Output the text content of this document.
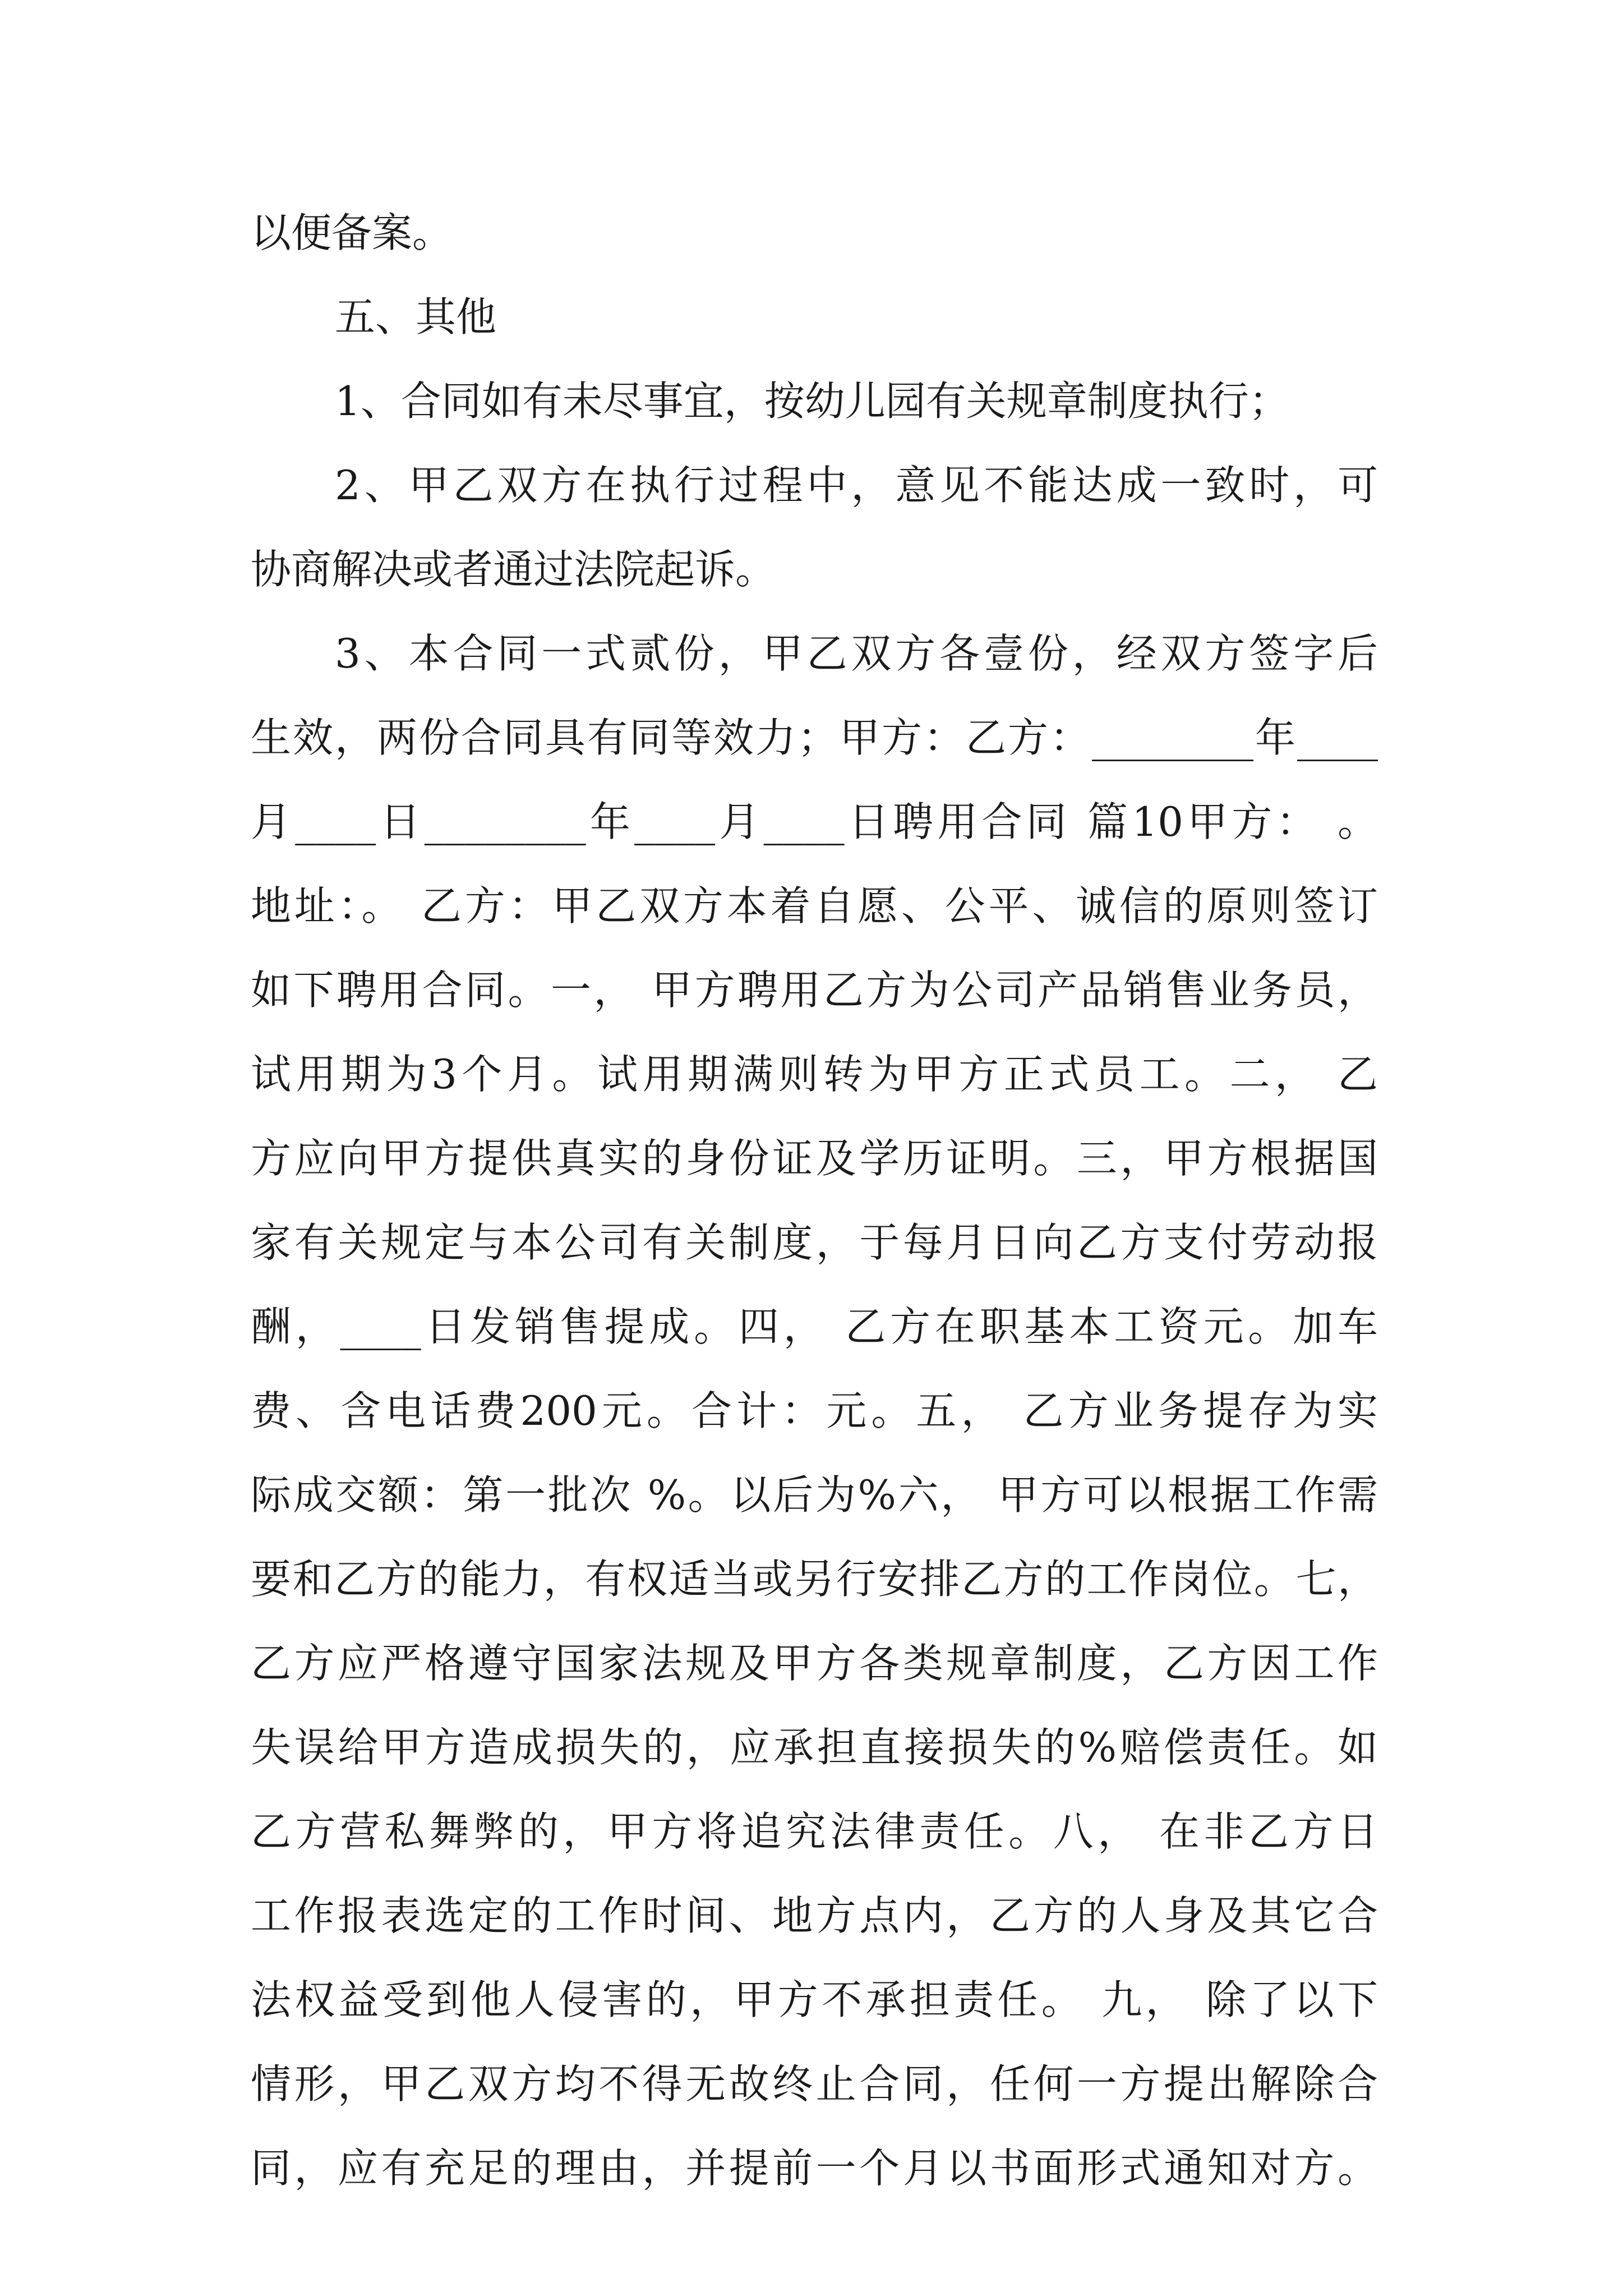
以便备案。
五、其他
1、合同如有未尽事宜，按幼儿园有关规章制度执行；
2、甲乙双方在执行过程中，意见不能达成一致时，可
协商解决或者通过法院起诉。
3、本合同一式贰份，甲乙双方各壹份，经双方签字后
生效，两份合同具有同等效力；甲方：乙方：________年____
月____日________年____月____日聘用合同 篇10甲方： 。
地址：。 乙方：甲乙双方本着自愿、公平、诚信的原则签订
如下聘用合同。一， 甲方聘用乙方为公司产品销售业务员，
试用期为3个月。试用期满则转为甲方正式员工。二， 乙
方应向甲方提供真实的身份证及学历证明。三，甲方根据国
家有关规定与本公司有关制度，于每月日向乙方支付劳动报
酬，____日发销售提成。四， 乙方在职基本工资元。加车
费、含电话费200元。合计：元。五， 乙方业务提存为实
际成交额：第一批次 %。以后为%六， 甲方可以根据工作需
要和乙方的能力，有权适当或另行安排乙方的工作岗位。七，
乙方应严格遵守国家法规及甲方各类规章制度，乙方因工作
失误给甲方造成损失的，应承担直接损失的%赔偿责任。如
乙方营私舞弊的，甲方将追究法律责任。八， 在非乙方日
工作报表选定的工作时间、地方点内，乙方的人身及其它合
法权益受到他人侵害的，甲方不承担责任。 九， 除了以下
情形，甲乙双方均不得无故终止合同，任何一方提出解除合
同，应有充足的理由，并提前一个月以书面形式通知对方。
